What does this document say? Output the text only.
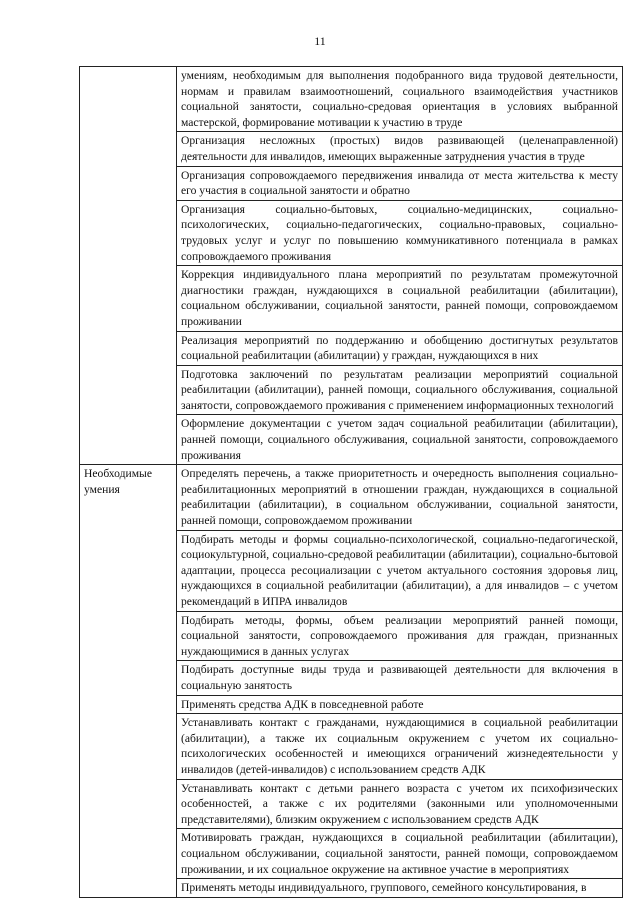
11
	умениям, необходимым для выполнения подобранного вида трудовой деятельности, нормам и правилам взаимоотношений, социального взаимодействия участников социальной занятости, социально-средовая ориентация в условиях выбранной мастерской, формирование мотивации к участию в труде
	Организация несложных (простых) видов развивающей (целенаправленной) деятельности для инвалидов, имеющих выраженные затруднения участия в труде
	Организация сопровождаемого передвижения инвалида от места жительства к месту его участия в социальной занятости и обратно
	Организация социально-бытовых, социально-медицинских, социально-психологических, социально-педагогических, социально-правовых, социально-трудовых услуг и услуг по повышению коммуникативного потенциала в рамках сопровождаемого проживания
	Коррекция индивидуального плана мероприятий по результатам промежуточной диагностики граждан, нуждающихся в социальной реабилитации (абилитации), социальном обслуживании, социальной занятости, ранней помощи, сопровождаемом проживании
	Реализация мероприятий по поддержанию и обобщению достигнутых результатов социальной реабилитации (абилитации) у граждан, нуждающихся в них
	Подготовка заключений по результатам реализации мероприятий социальной реабилитации (абилитации), ранней помощи, социального обслуживания, социальной занятости, сопровождаемого проживания с применением информационных технологий
	Оформление документации с учетом задач социальной реабилитации (абилитации), ранней помощи, социального обслуживания, социальной занятости, сопровождаемого проживания
Необходимые умения	Определять перечень, а также приоритетность и очередность выполнения социально-реабилитационных мероприятий в отношении граждан, нуждающихся в социальной реабилитации (абилитации), в социальном обслуживании, социальной занятости, ранней помощи, сопровождаемом проживании
	Подбирать методы и формы социально-психологической, социально-педагогической, социокультурной, социально-средовой реабилитации (абилитации), социально-бытовой адаптации, процесса ресоциализации с учетом актуального состояния здоровья лиц, нуждающихся в социальной реабилитации (абилитации), а для инвалидов – с учетом рекомендаций в ИПРА инвалидов
	Подбирать методы, формы, объем реализации мероприятий ранней помощи, социальной занятости, сопровождаемого проживания для граждан, признанных нуждающимися в данных услугах
	Подбирать доступные виды труда и развивающей деятельности для включения в социальную занятость
	Применять средства АДК в повседневной работе
	Устанавливать контакт с гражданами, нуждающимися в социальной реабилитации (абилитации), а также их социальным окружением с учетом их социально-психологических особенностей и имеющихся ограничений жизнедеятельности у инвалидов (детей-инвалидов) с использованием средств АДК
	Устанавливать контакт с детьми раннего возраста с учетом их психофизических особенностей, а также с их родителями (законными или уполномоченными представителями), близким окружением с использованием средств АДК
	Мотивировать граждан, нуждающихся в социальной реабилитации (абилитации), социальном обслуживании, социальной занятости, ранней помощи, сопровождаемом проживании, и их социальное окружение на активное участие в мероприятиях
	Применять методы индивидуального, группового, семейного консультирования, в
